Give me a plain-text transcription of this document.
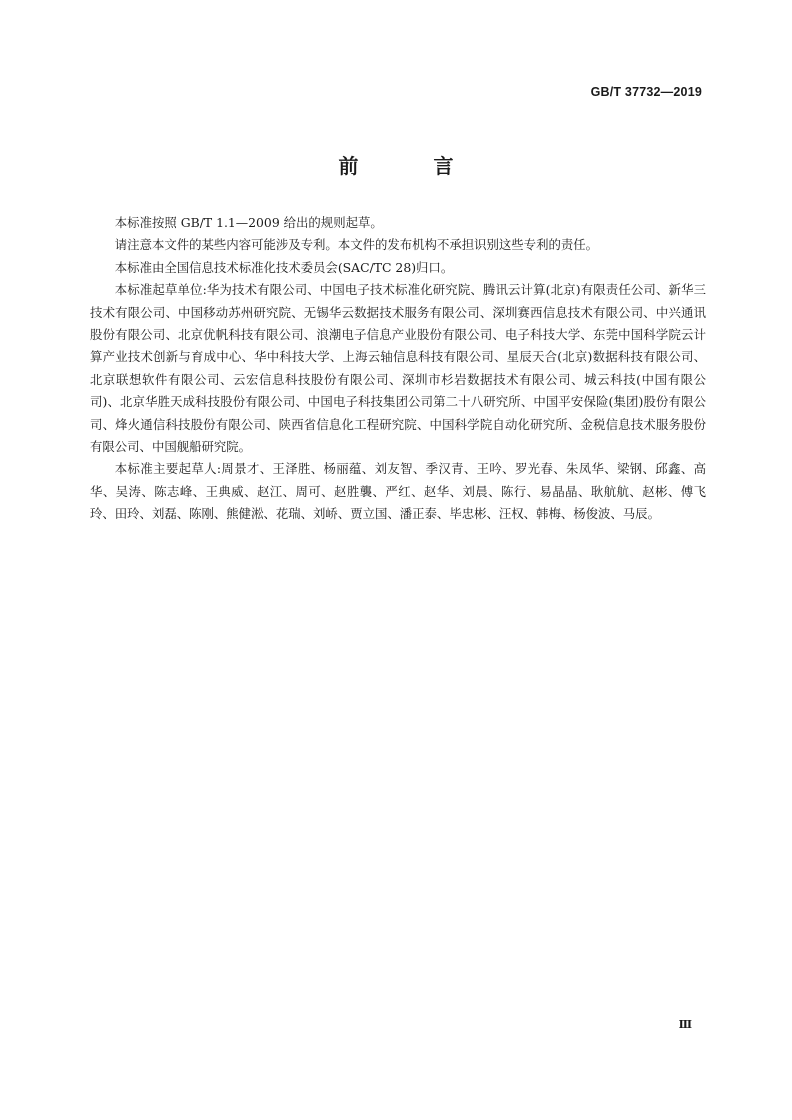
GB/T 37732—2019
前 言

本标准按照 GB/T 1.1—2009 给出的规则起草。

请注意本文件的某些内容可能涉及专利。本文件的发布机构不承担识别这些专利的责任。

本标准由全国信息技术标准化技术委员会(SAC/TC 28)归口。

本标准起草单位:华为技术有限公司、中国电子技术标准化研究院、腾讯云计算(北京)有限责任公司、新华三技术有限公司、中国移动苏州研究院、无锡华云数据技术服务有限公司、深圳赛西信息技术有限公司、中兴通讯股份有限公司、北京优帆科技有限公司、浪潮电子信息产业股份有限公司、电子科技大学、东莞中国科学院云计算产业技术创新与育成中心、华中科技大学、上海云轴信息科技有限公司、星辰天合(北京)数据科技有限公司、北京联想软件有限公司、云宏信息科技股份有限公司、深圳市杉岩数据技术有限公司、城云科技(中国有限公司)、北京华胜天成科技股份有限公司、中国电子科技集团公司第二十八研究所、中国平安保险(集团)股份有限公司、烽火通信科技股份有限公司、陕西省信息化工程研究院、中国科学院自动化研究所、金税信息技术服务股份有限公司、中国舰船研究院。

本标准主要起草人:周景才、王泽胜、杨丽蕴、刘友智、季汉青、王吟、罗光春、朱凤华、梁钢、邱鑫、高华、吴涛、陈志峰、王典威、赵江、周可、赵胜襲、严红、赵华、刘晨、陈行、易晶晶、耿航航、赵彬、傅飞玲、田玲、刘磊、陈刚、熊健淞、花瑞、刘峤、贾立国、潘正泰、毕忠彬、汪权、韩梅、杨俊波、马辰。

Ⅲ
